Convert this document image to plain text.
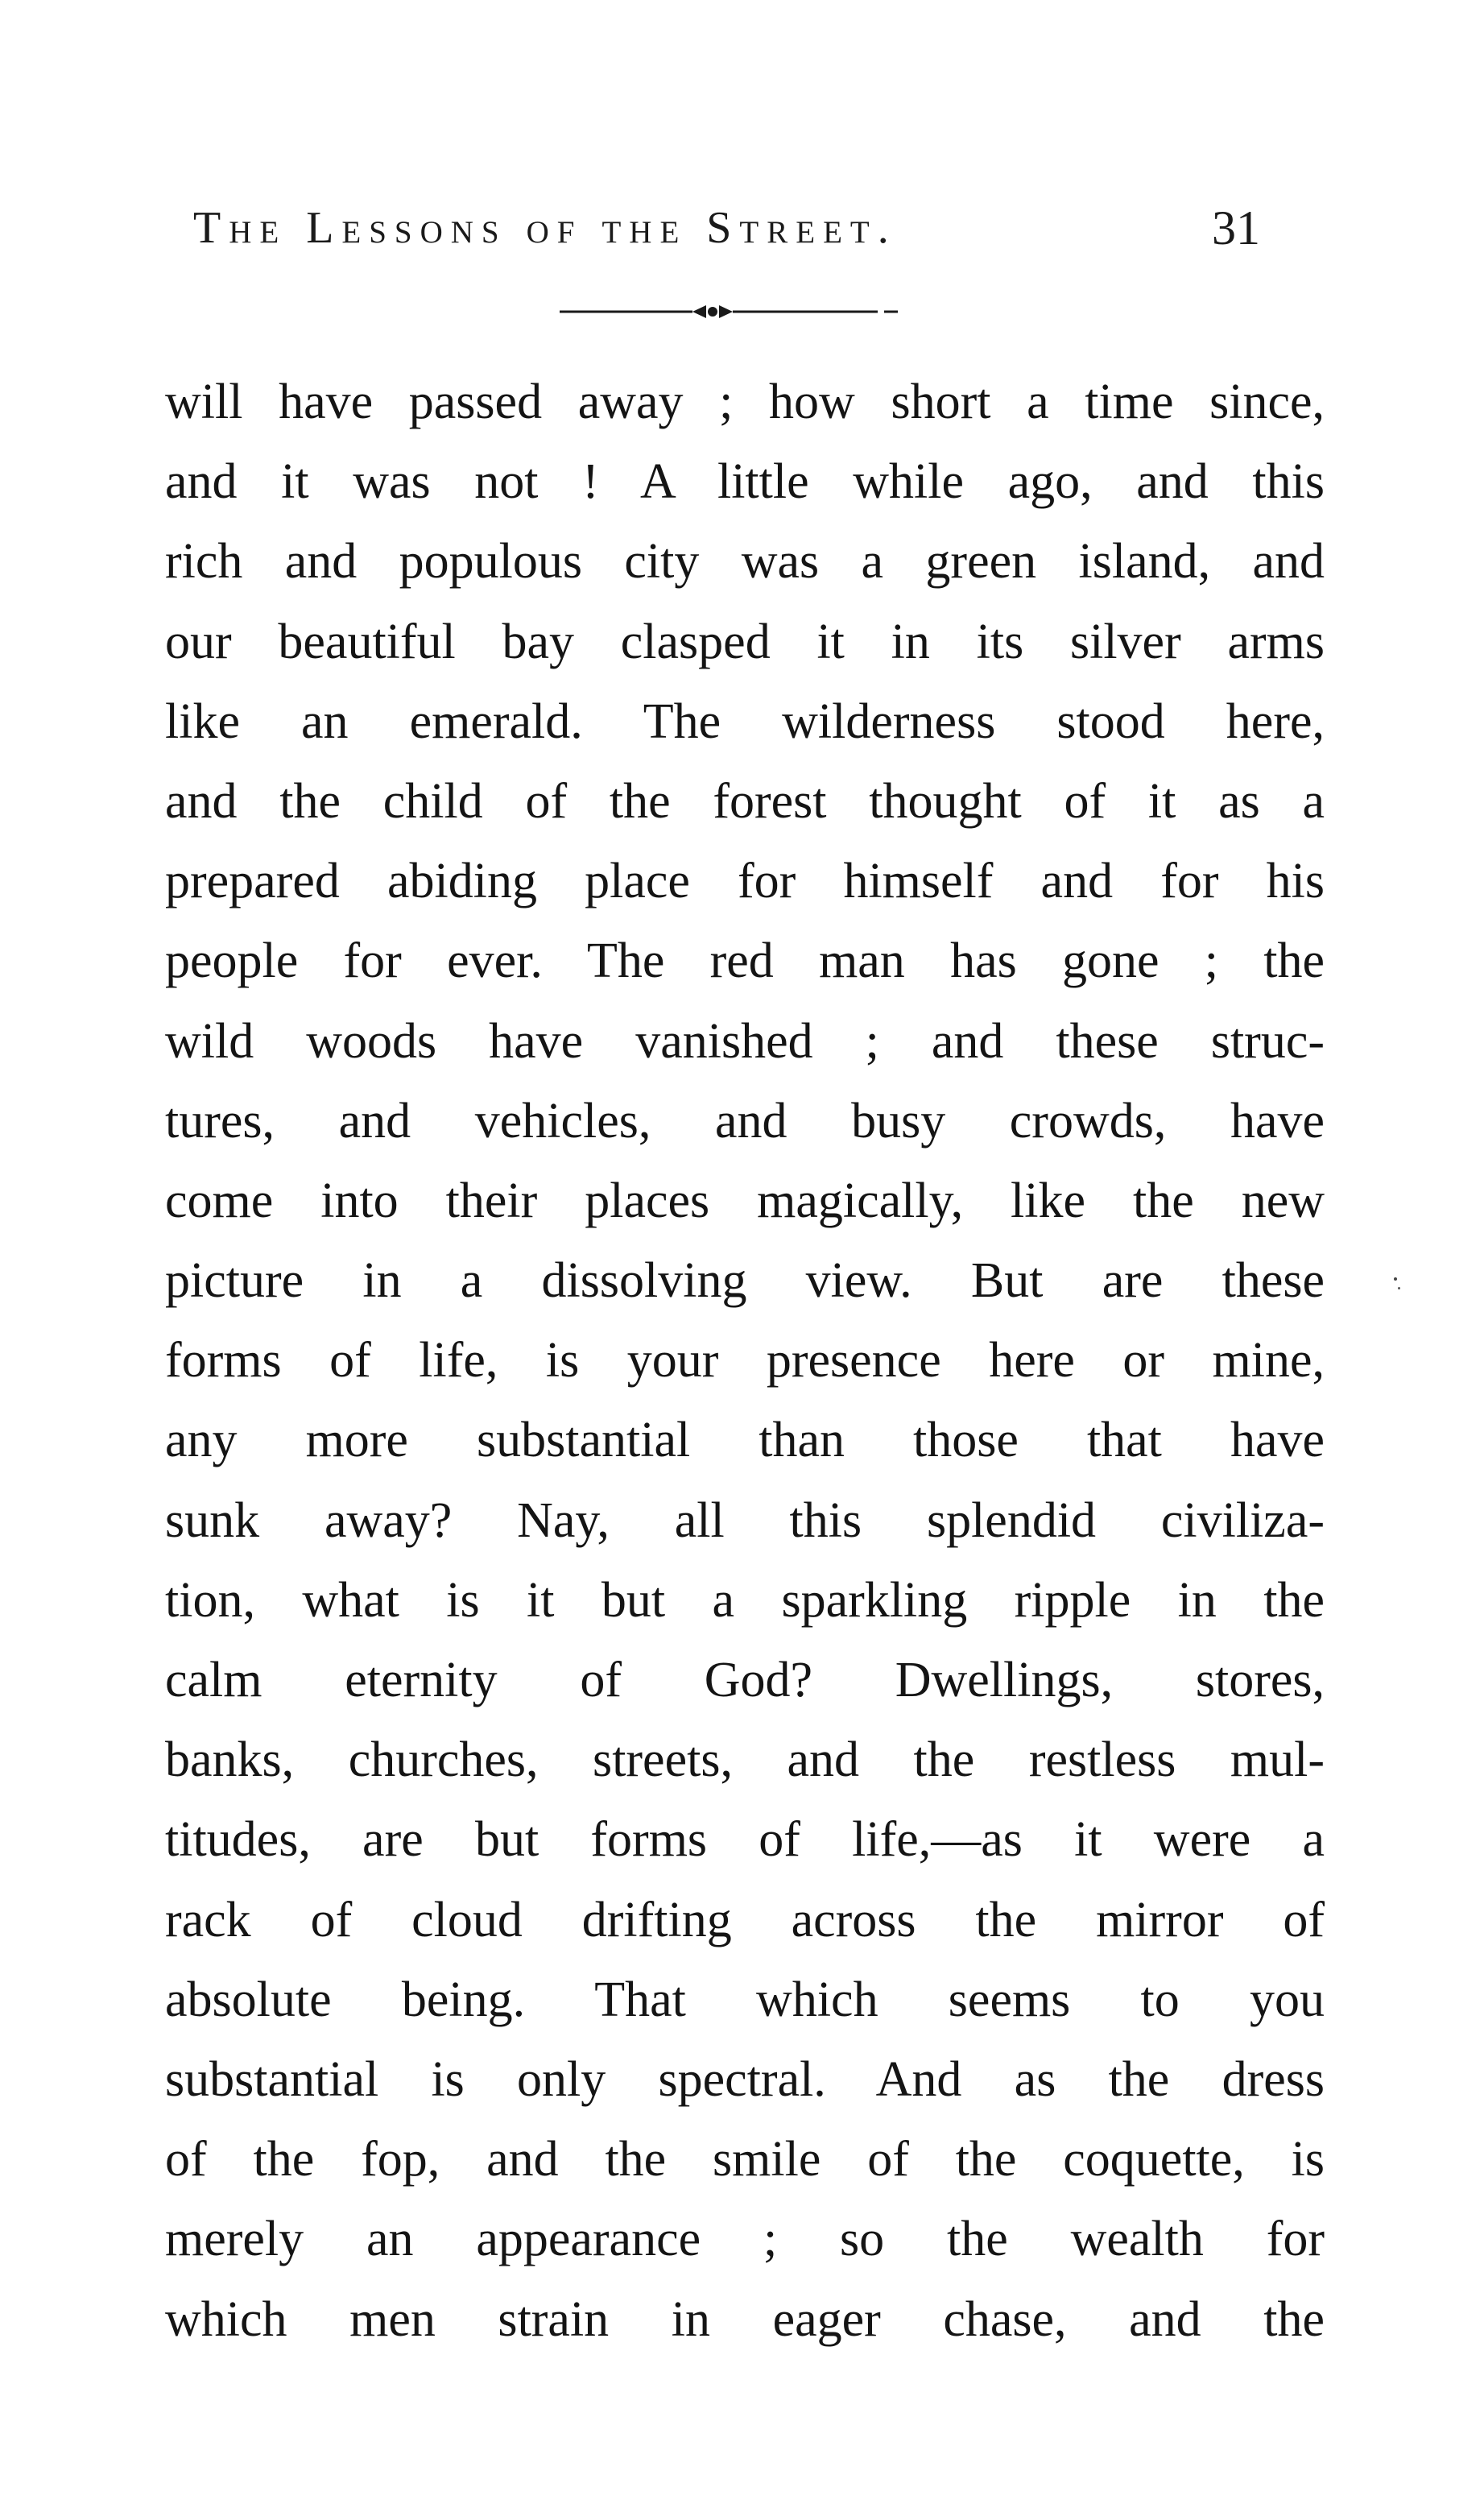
The Lessons of the Street.	31
will have passed away ; how short a time since,
and it was not ! A little while ago, and this
rich and populous city was a green island, and
our beautiful bay clasped it in its silver arms
like an emerald. The wilderness stood here,
and the child of the forest thought of it as a
prepared abiding place for himself and for his
people for ever. The red man has gone ; the
wild woods have vanished ; and these struc-
tures, and vehicles, and busy crowds, have
come into their places magically, like the new
picture in a dissolving view. But are these
forms of life, is your presence here or mine,
any more substantial than those that have
sunk away? Nay, all this splendid civiliza-
tion, what is it but a sparkling ripple in the
calm eternity of God? Dwellings, stores,
banks, churches, streets, and the restless mul-
titudes, are but forms of life,—as it were a
rack of cloud drifting across the mirror of
absolute being. That which seems to you
substantial is only spectral. And as the dress
of the fop, and the smile of the coquette, is
merely an appearance ; so the wealth for
which men strain in eager chase, and the
